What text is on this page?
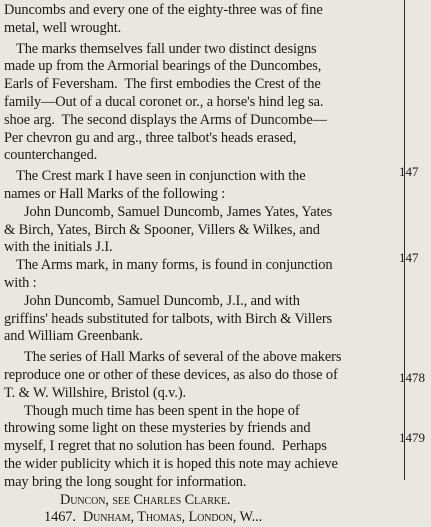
Duncombs and every one of the eighty-three was of fine
metal, well wrought.
The marks themselves fall under two distinct designs
made up from the Armorial bearings of the Duncombes,
Earls of Feversham.  The first embodies the Crest of the
family—Out of a ducal coronet or., a horse's hind leg sa.
shoe arg.  The second displays the Arms of Duncombe—
Per chevron gu and arg., three talbot's heads erased,
counterchanged.
The Crest mark I have seen in conjunction with the
names or Hall Marks of the following :
John Duncomb, Samuel Duncomb, James Yates, Yates
& Birch, Yates, Birch & Spooner, Villers & Wilkes, and
with the initials J.I.
The Arms mark, in many forms, is found in conjunction
with :
John Duncomb, Samuel Duncomb, J.I., and with
griffins' heads substituted for talbots, with Birch & Villers
and William Greenbank.
The series of Hall Marks of several of the above makers
reproduce one or other of these devices, as also do those of
T. & W. Willshire, Bristol (q.v.).
Though much time has been spent in the hope of
throwing some light on these mysteries by friends and
myself, I regret that no solution has been found.  Perhaps
the wider publicity which it is hoped this note may achieve
may bring the long sought for information.
Duncon, see Charles Clarke.
1467.  Dunham, Thomas, London, W...
147
147
1478
1479
